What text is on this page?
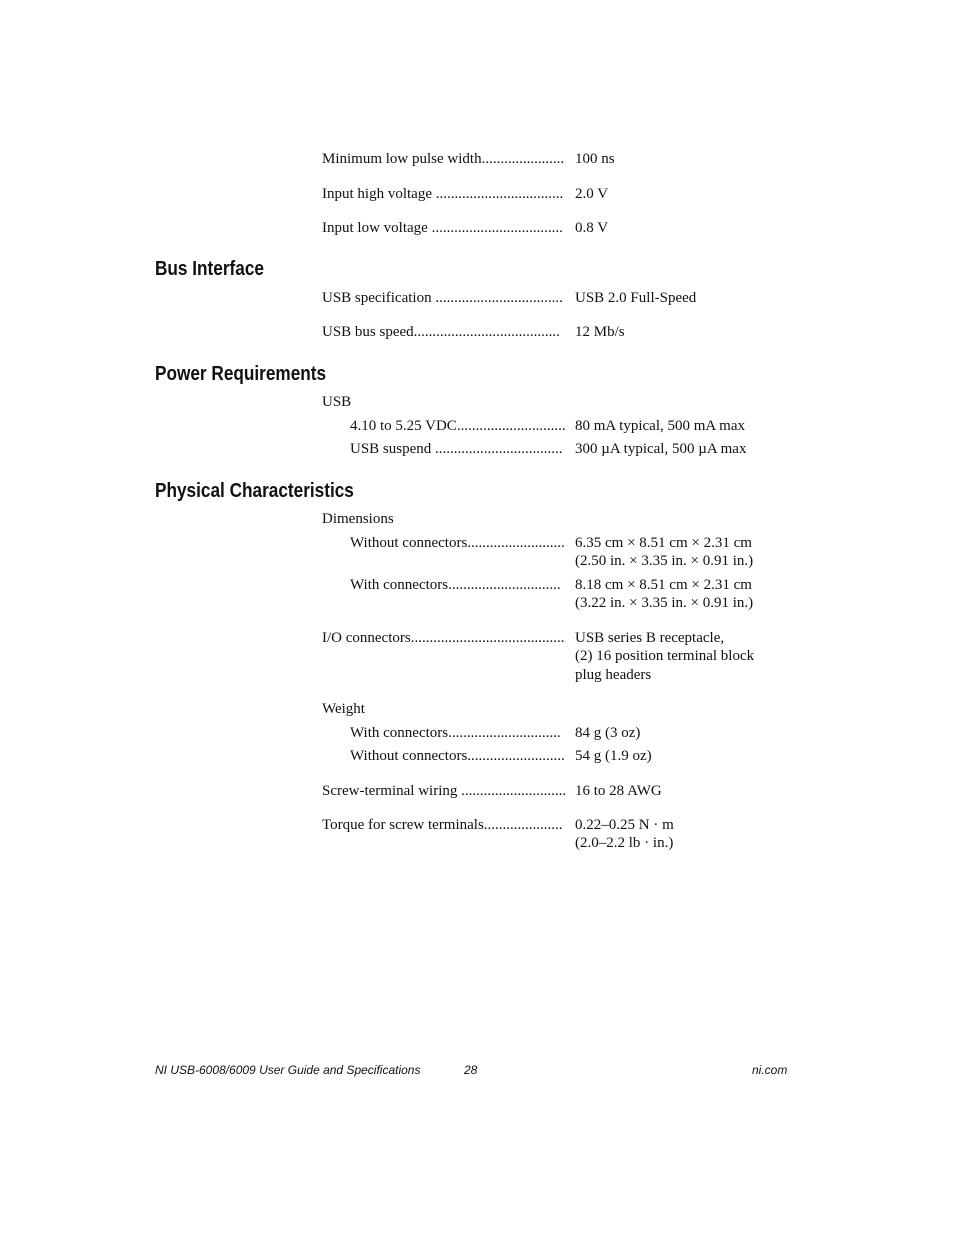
Minimum low pulse width...................... 100 ns
Input high voltage .................................. 2.0 V
Input low voltage ................................... 0.8 V
Bus Interface
USB specification .................................. USB 2.0 Full-Speed
USB bus speed.......................................	12 Mb/s
Power Requirements
USB
4.10 to 5.25 VDC............................. 80 mA typical, 500 mA max
USB suspend .................................. 300 µA typical, 500 µA max
Physical Characteristics
Dimensions
Without connectors.......................... 6.35 cm × 8.51 cm × 2.31 cm
(2.50 in. × 3.35 in. × 0.91 in.)
With connectors.............................. 8.18 cm × 8.51 cm × 2.31 cm
(3.22 in. × 3.35 in. × 0.91 in.)
I/O connectors......................................... USB series B receptacle,
(2) 16 position terminal block
plug headers
Weight
With connectors.............................. 84 g (3 oz)
Without connectors.......................... 54 g (1.9 oz)
Screw-terminal wiring ............................ 16 to 28 AWG
Torque for screw terminals..................... 0.22–0.25 N · m
(2.0–2.2 lb · in.)
NI USB-6008/6009 User Guide and Specifications	28	ni.com
